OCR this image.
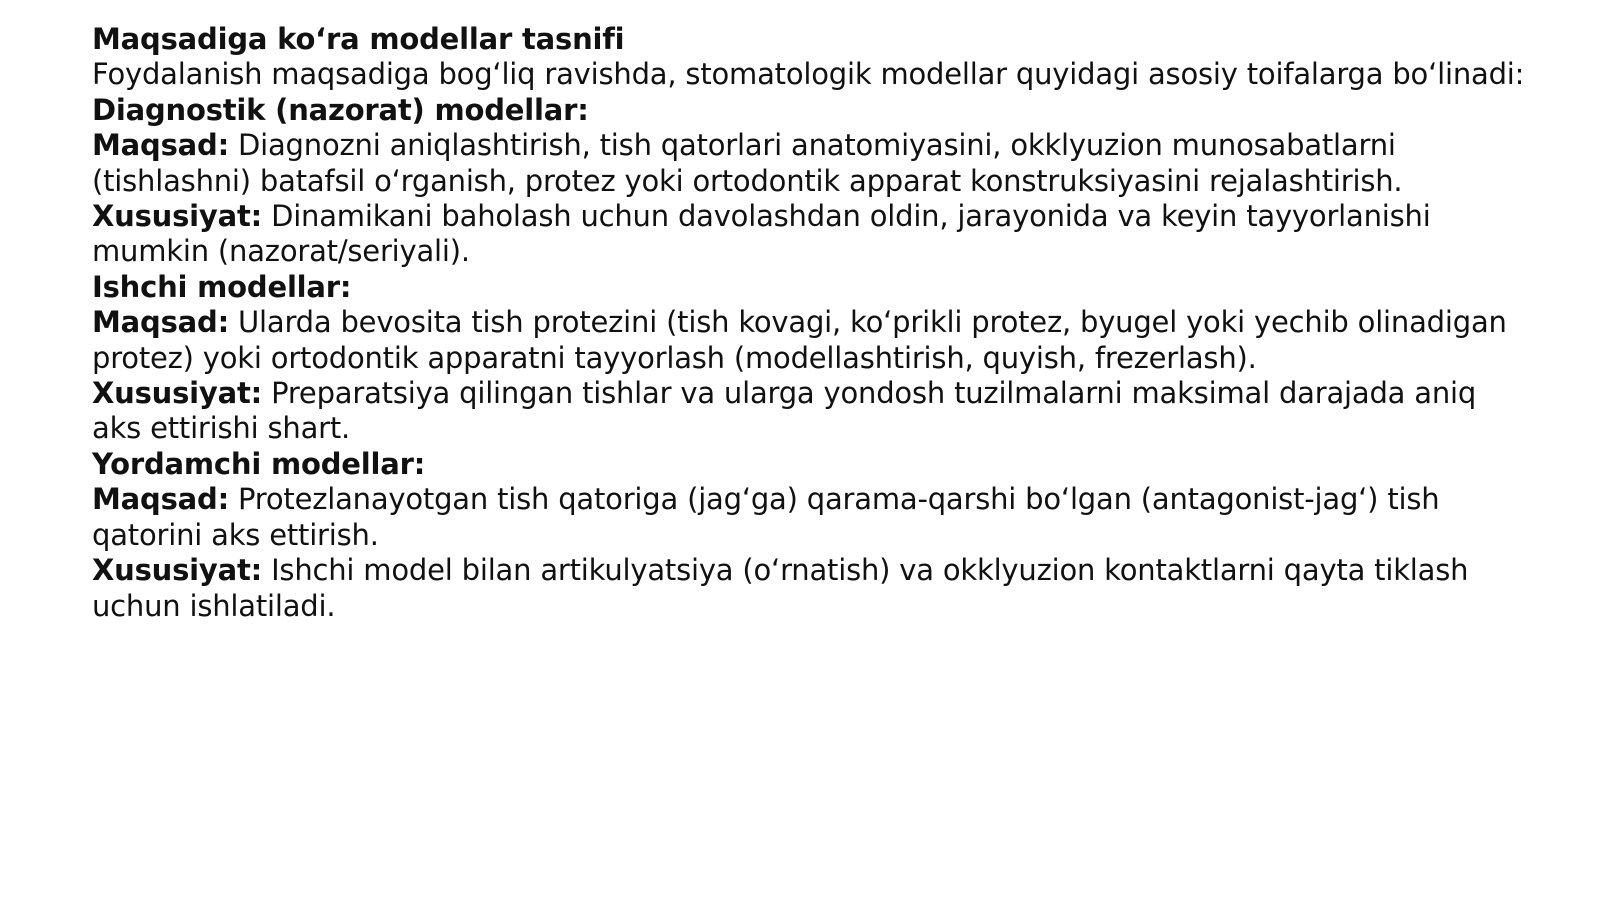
Maqsadiga ko‘ra modellar tasnifi

Foydalanish maqsadiga bog‘liq ravishda, stomatologik modellar quyidagi asosiy toifalarga bo‘linadi:

Diagnostik (nazorat) modellar:

Maqsad: Diagnozni aniqlashtirish, tish qatorlari anatomiyasini, okklyuzion munosabatlarni (tishlashni) batafsil o‘rganish, protez yoki ortodontik apparat konstruksiyasini rejalashtirish.

Xususiyat: Dinamikani baholash uchun davolashdan oldin, jarayonida va keyin tayyorlanishi mumkin (nazorat/seriyali).

Ishchi modellar:

Maqsad: Ularda bevosita tish protezini (tish kovagi, ko‘prikli protez, byugel yoki yechib olinadigan protez) yoki ortodontik apparatni tayyorlash (modellashtirish, quyish, frezerlash).

Xususiyat: Preparatsiya qilingan tishlar va ularga yondosh tuzilmalarni maksimal darajada aniq aks ettirishi shart.

Yordamchi modellar:

Maqsad: Protezlanayotgan tish qatoriga (jag‘ga) qarama-qarshi bo‘lgan (antagonist-jag‘) tish qatorini aks ettirish.

Xususiyat: Ishchi model bilan artikulyatsiya (o‘rnatish) va okklyuzion kontaktlarni qayta tiklash uchun ishlatiladi.
